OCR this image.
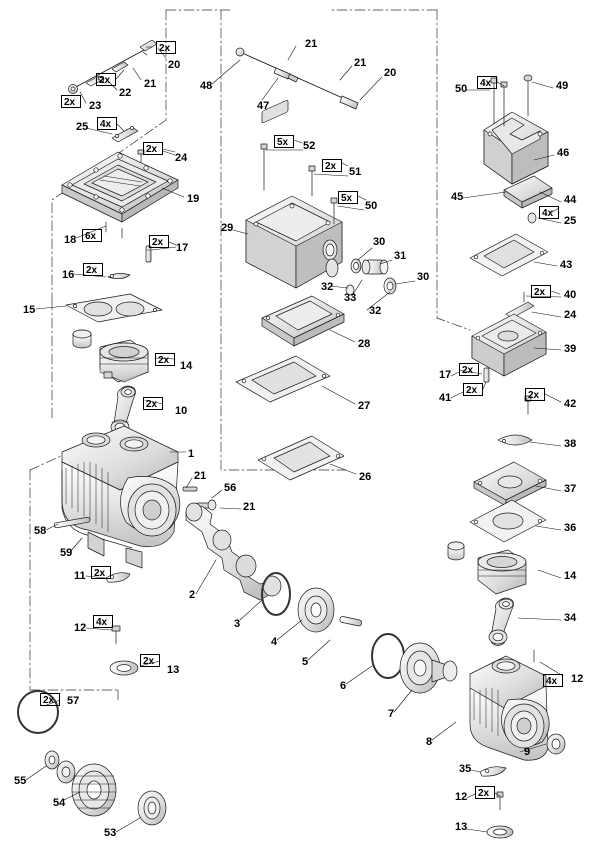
2x
20
21
2x
22
2x 23
25 4x
2x
24
19
18 6x
2x 17
16 2x
15
2x 14
2x
10
1
21
56
21
58
59
11 2x
12 4x
2x
13
2x 57
55
54
53
2
3
4
5
6
7
8
21
21
20
48
47
5x 52
2x 51
5x
50
29
30
31
30
32
33
32
28
27
26
50 4x	49
46
45	44
4x
25
43
2x 40
24
39
17 2x
2x
41	2x
42
38
37
36
14
34
4x 12
35
9
12 2x
13
